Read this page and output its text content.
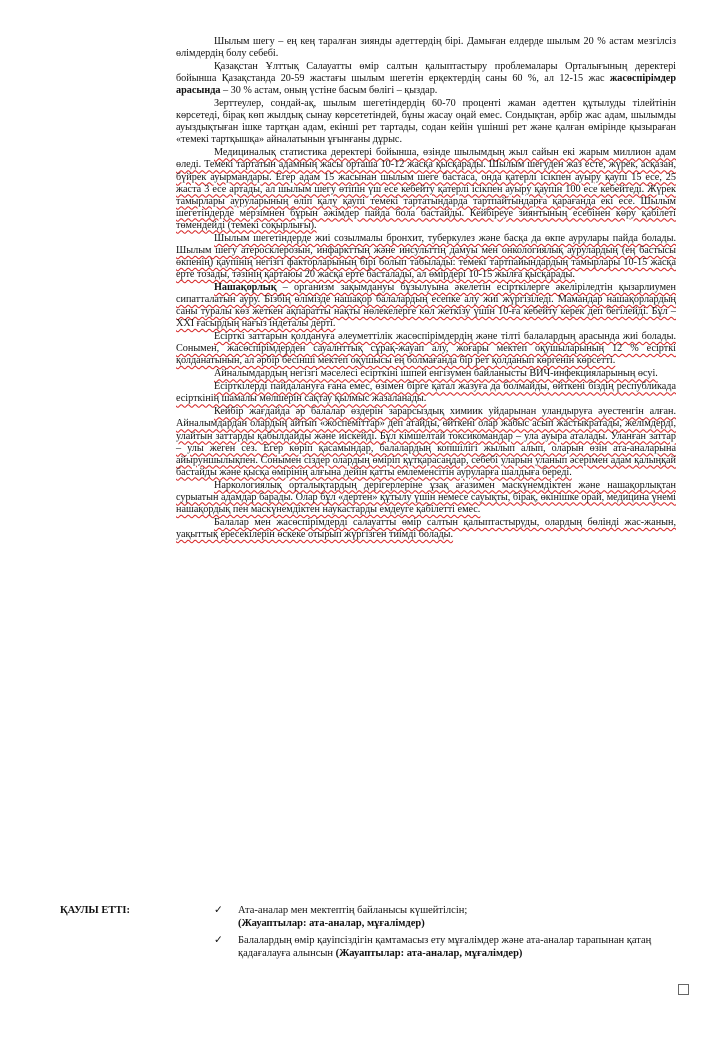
Шылым шегу – ең кең таралған зиянды әдеттердің бірі. Дамыған елдерде шылым 20 % астам мезгілсіз өлімдердің болу себебі.

Қазақстан Ұлттық Салауатты өмір салтын қалыптастыру проблемалары Орталығының деректері бойынша Қазақстанда 20-59 жастағы шылым шегетін ерқектердің саны 60 %, ал 12-15 жас жасөспірімдер арасында – 30 % астам, оның үстіне басым бөлігі – қыздар.

Зерттеулер, сондай-ақ, шылым шегетіндердің 60-70 проценті жаман әдеттен құтылуды тілейтінін көрсетеді, бірақ көп жылдық сынау көрсететіндей, бұны жасау оңай емес. Сондықтан, әрбір жас адам, шылымды ауыздықтыған ішке тартқан адам, екінші рет тартады, содан кейін үшінші рет және қалған өмірінде қызыраған «темекі тартқышқа» айналатынын ұғынғаны дұрыс.

Медициналық статистика деректері бойынша, өзінде шылымдың жыл сайын екі жарым миллион адам өледі. Темекі тартатын адамның жасы орташа 10-12 жасқа қысқарады. Шылым шегуден жаз есте, жүрек, асқазан, бүйрек ауырмандары. Егер адам 15 жасынан шылым шеге бастаса, онда қатерлі ісікпен ауыру қаупі 15 есе, 25 жаста 3 есе артады, ал шылым шегу өтіпін үш есе кебейту қатерлі ісікпен ауыру қаупін 100 есе кебейтеді. Жүрек тамырлары ауруларының өліп қалу қаупі темекі тартатындарда тартпайтындарға қарағанда екі есе. Шылым шегетіндерде мерзімнен бұрын әжімдер пайда бола бастайды. Кейбіреуе зиянтының есебінен көру қабілеті төмендейді (темекі соқырлығы).

Шылым шегетіндерде жиі созылмалы бронхит, туберкулез және басқа да өкпе аурулары пайда болады. Шылым шегу атеросклерозын, инфаркттың және инсульттің дамуы мен онкологиялық аурулардың (ең бастысы өкпенің) қаупінің негізгі факторларының бірі болып табылады: темекі тартпайындардың тамырлары 10-15 жасқа ерте тозады, тәзінің қартаюы 20 жасқа ерте басталады, ал өмірдері 10-15 жылға қысқарады.

Нашақорлық – организм зақымдануы бұзылуына әкелетін есірткілерге әкеліріледтін қызарлиумен сипатталатын ауру. Бізбің өлімізде нашақор балалардың есепке алу жиі жүргізіледі. Мамандар нашақорлардың саны туралы көз жеткен ақпаратты нақты нөлекелерге көл жеткізу үшін 10-ға кебейту керек деп бегілейді. Бұл – XXI ғасырдың нағыз індеталы дерті.

Есірткі заттарын қолдануға әлеуметтілік жасөспірімдердің және тілті балалардың арасында жиі болады. Сонымен, жасөспірімдерден сауалнттық сұрақ-жауап алу, жоғары мектеп оқушыларының 12 % есірткі қолданатынын, ал әрбір бесінші мектеп оқушысы ең болмағанда бір рет қолданып көргенін көрсетті.

Айналымдардың негізгі мәселесі есірткіні ішпей енгізумен байланысты ВИЧ-инфекцияларының өсуі.

Есірткілерді пайдалануға ғана емес, өзімен бірге қатал жазуға да болмайды, өйткені біздің республикада есірткінің шамалы мөлшерін сақтау қылмыс жазаланады.

Кейбір жағдайда әр балалар өздерін зарарсыздық химиик уйдарынан уландыруға әуестенгін алған. Айналымдардан олардың айтып «жоспеміттар» деп атайды, өйткені олар жабыс асып жастыкратады, желімдерді, улайтын заттарды қабылдайды және иіскейді. Бұл кімшелтай токсикомандар – ула ауыра аталады. Уланған заттар – улы жеген сез. Егер көріп қасамындар, балалардың копшілігі жылып алып, оларын өзін ата-аналарына айыруншылықпен. Сонымен сіздер олардың өміріп құтқарасаңдар, себебі уларын уланып әсерімен адам қалыңқай бастайды және қысқа өмірінің алғына дейін қатты емлеменсітін ауруларға шалдыға береді.

Наркологиялық орталықтардың дерігерлеріне ұзақ ағазимен маскүнемдіктен және нашақорлықтан сурыатын адамдар барады. Олар бұл «дертен» құтылу үшін немесе сауықты, бірақ, өкінішке орай, медицина үнемі нашақордық пен маскүнемдіктен наукастарды емдеуге қабілетті емес.

Балалар мен жасөспірімдерді салауатты өмір салтын қалыптастыруды, олардың бөлінді жас-жанын, уақыттық ересекілерін өскеке отырып жүргізген тиімді болады.

ҚАУЛЫ ЕТТІ:	✓ Ата-аналар мен мектептің байланысы күшейтілсін;
(Жауаптылар: ата-аналар, мұғалімдер)
✓ Балалардың өмір қауіпсіздігін қамтамасыз ету мұғалімдер және ата-аналар тарапынан қатаң қадағалауға алынсын (Жауаптылар: ата-аналар, мұғалімдер)
